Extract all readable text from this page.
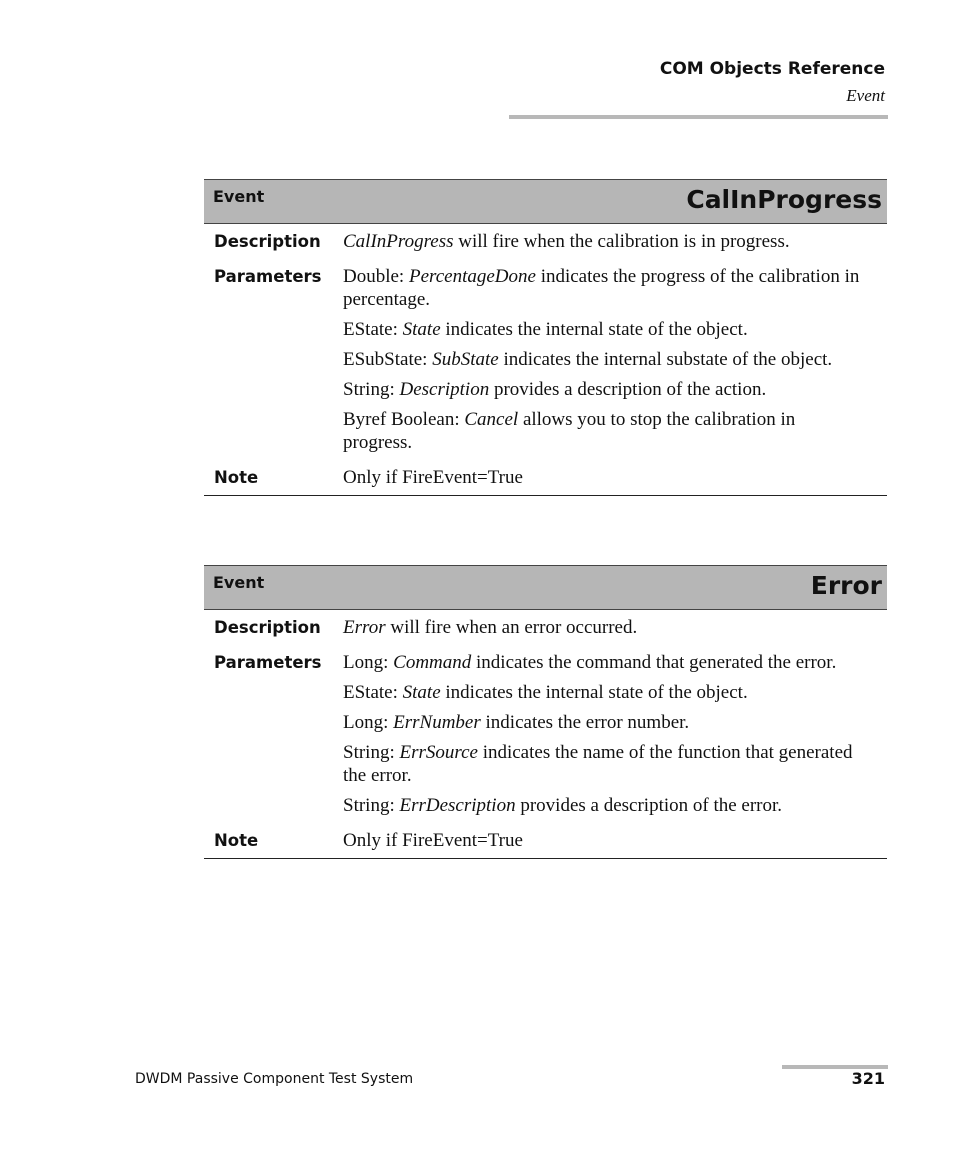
COM Objects Reference
Event
Event	CalInProgress
Description	CalInProgress will fire when the calibration is in progress.
Parameters	Double: PercentageDone indicates the progress of the calibration in percentage.

EState: State indicates the internal state of the object.

ESubState: SubState indicates the internal substate of the object.

String: Description provides a description of the action.

Byref Boolean: Cancel allows you to stop the calibration in progress.

Note	Only if FireEvent=True
Event	Error
Description	Error will fire when an error occurred.
Parameters	Long: Command indicates the command that generated the error.

EState: State indicates the internal state of the object.

Long: ErrNumber indicates the error number.

String: ErrSource indicates the name of the function that generated the error.

String: ErrDescription provides a description of the error.

Note	Only if FireEvent=True
DWDM Passive Component Test System	321
